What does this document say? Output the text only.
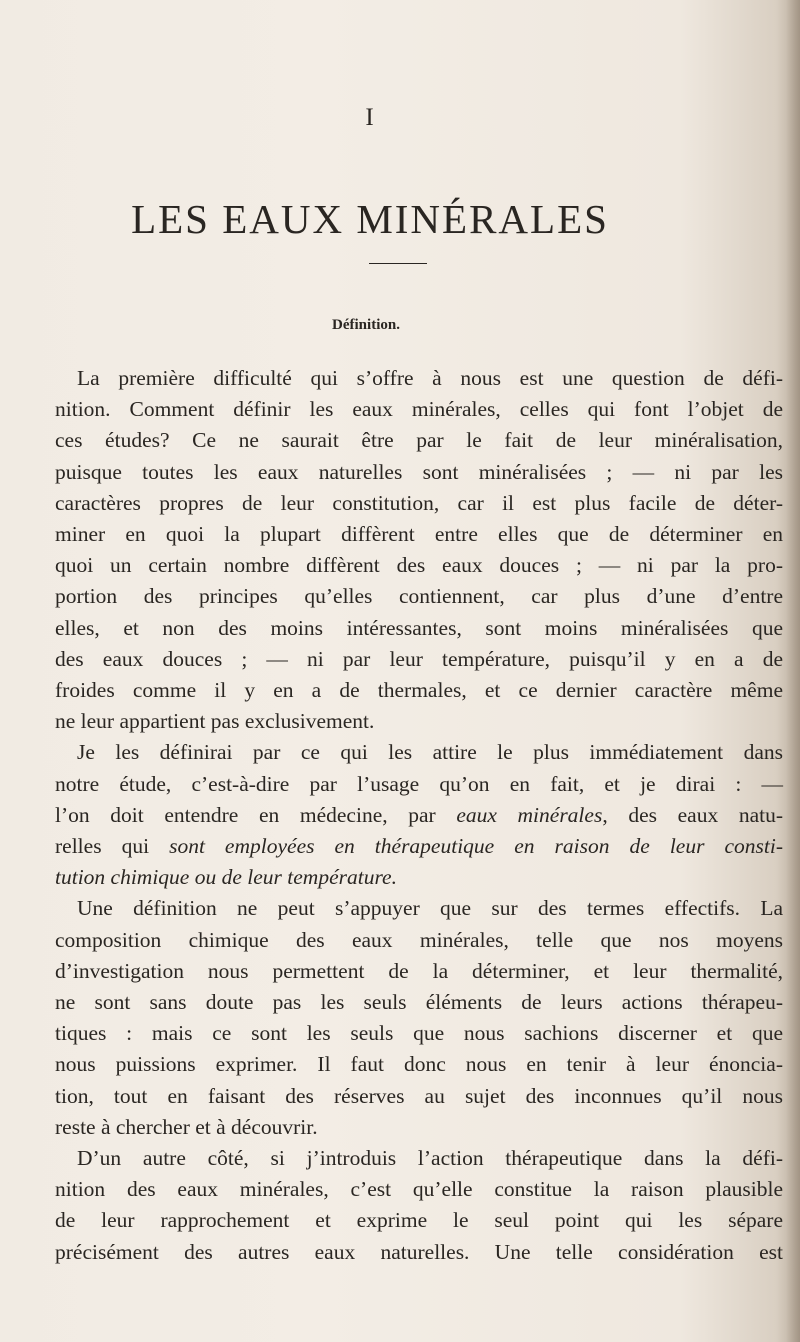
I
LES EAUX MINÉRALES
Définition.
La première difficulté qui s’offre à nous est une question de défi-
nition. Comment définir les eaux minérales, celles qui font l’objet de
ces études? Ce ne saurait être par le fait de leur minéralisation,
puisque toutes les eaux naturelles sont minéralisées ; — ni par les
caractères propres de leur constitution, car il est plus facile de déter-
miner en quoi la plupart diffèrent entre elles que de déterminer en
quoi un certain nombre diffèrent des eaux douces ; — ni par la pro-
portion des principes qu’elles contiennent, car plus d’une d’entre
elles, et non des moins intéressantes, sont moins minéralisées que
des eaux douces ; — ni par leur température, puisqu’il y en a de
froides comme il y en a de thermales, et ce dernier caractère même
ne leur appartient pas exclusivement.
Je les définirai par ce qui les attire le plus immédiatement dans
notre étude, c’est-à-dire par l’usage qu’on en fait, et je dirai : —
l’on doit entendre en médecine, par eaux minérales, des eaux natu-
relles qui sont employées en thérapeutique en raison de leur consti-
tution chimique ou de leur température.
Une définition ne peut s’appuyer que sur des termes effectifs. La
composition chimique des eaux minérales, telle que nos moyens
d’investigation nous permettent de la déterminer, et leur thermalité,
ne sont sans doute pas les seuls éléments de leurs actions thérapeu-
tiques : mais ce sont les seuls que nous sachions discerner et que
nous puissions exprimer. Il faut donc nous en tenir à leur énoncia-
tion, tout en faisant des réserves au sujet des inconnues qu’il nous
reste à chercher et à découvrir.
D’un autre côté, si j’introduis l’action thérapeutique dans la défi-
nition des eaux minérales, c’est qu’elle constitue la raison plausible
de leur rapprochement et exprime le seul point qui les sépare
précisément des autres eaux naturelles. Une telle considération est
